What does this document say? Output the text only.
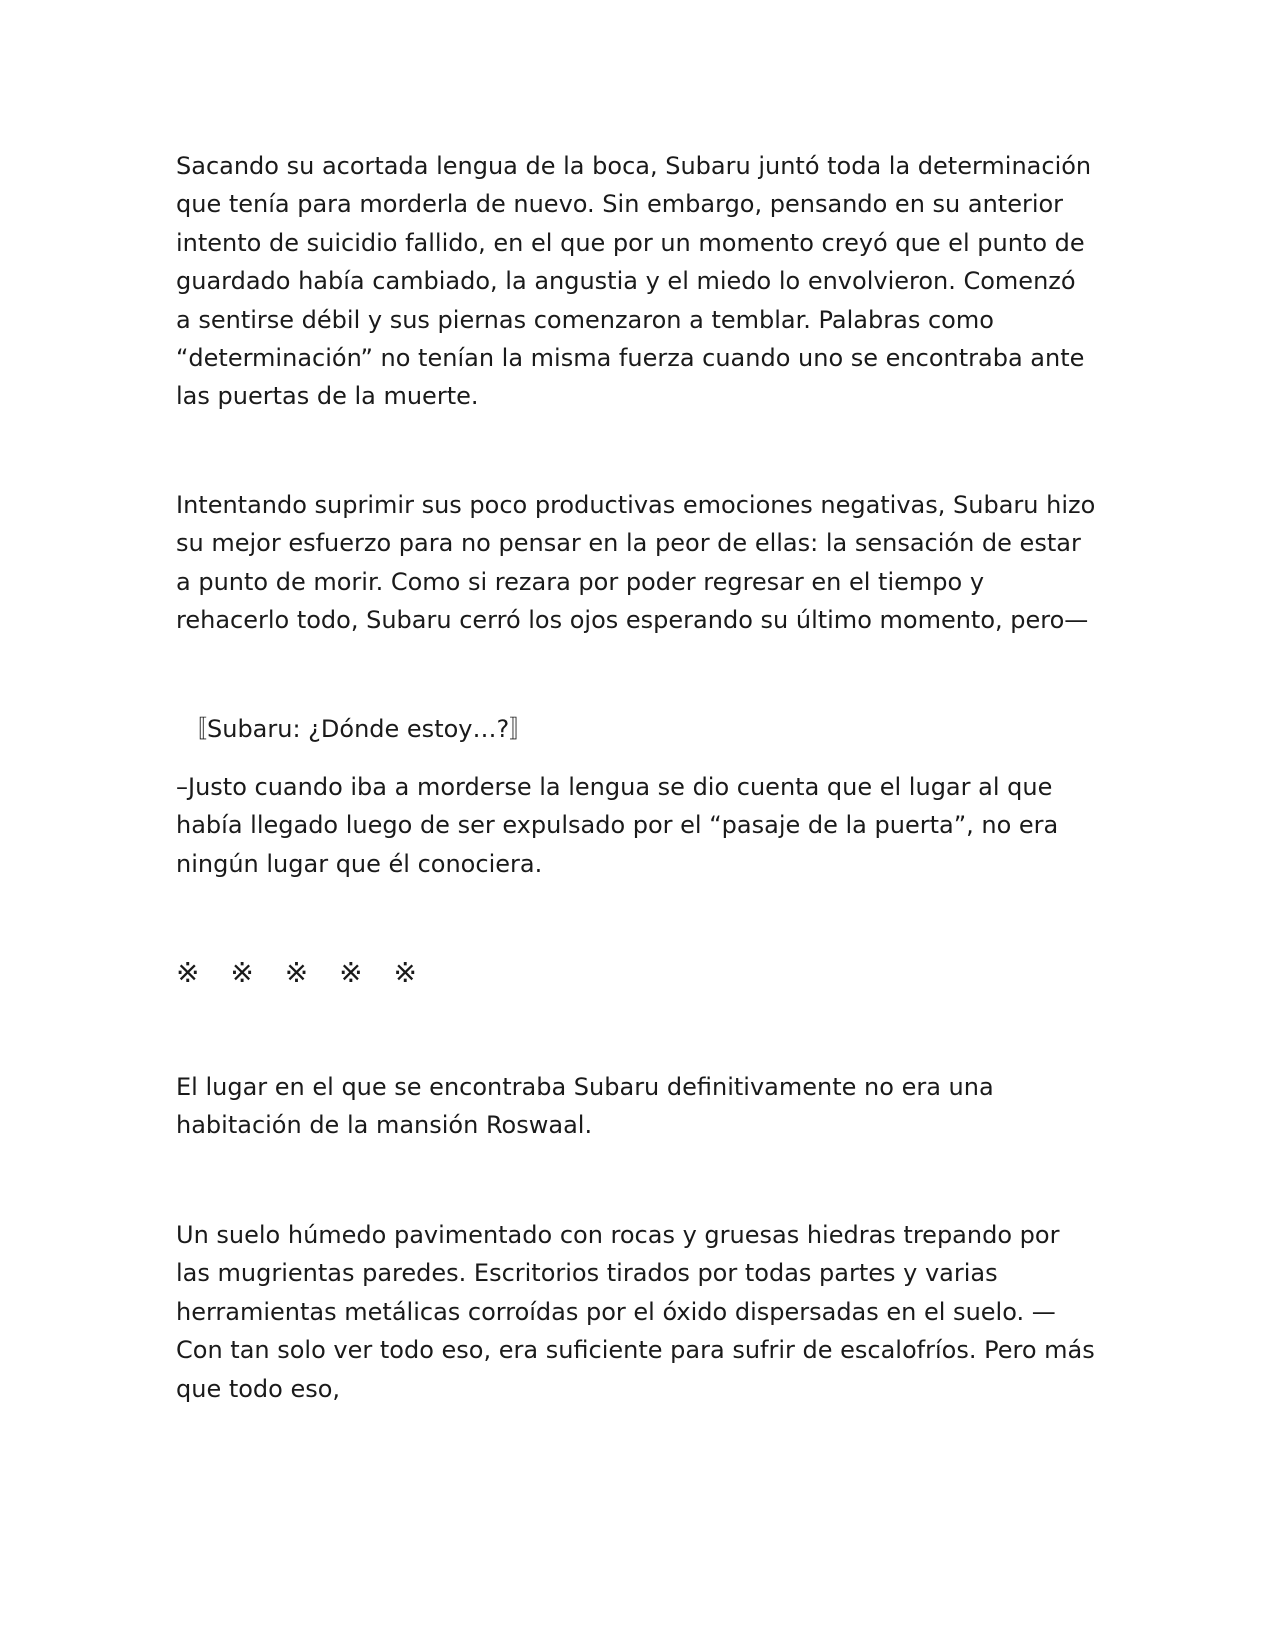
Sacando su acortada lengua de la boca, Subaru juntó toda la determinación que tenía para morderla de nuevo. Sin embargo, pensando en su anterior intento de suicidio fallido, en el que por un momento creyó que el punto de guardado había cambiado, la angustia y el miedo lo envolvieron. Comenzó a sentirse débil y sus piernas comenzaron a temblar. Palabras como “determinación” no tenían la misma fuerza cuando uno se encontraba ante las puertas de la muerte.

Intentando suprimir sus poco productivas emociones negativas, Subaru hizo su mejor esfuerzo para no pensar en la peor de ellas: la sensación de estar a punto de morir. Como si rezara por poder regresar en el tiempo y rehacerlo todo, Subaru cerró los ojos esperando su último momento, pero—

〚Subaru: ¿Dónde estoy…?〛

–Justo cuando iba a morderse la lengua se dio cuenta que el lugar al que había llegado luego de ser expulsado por el “pasaje de la puerta”, no era ningún lugar que él conociera.

※ ※ ※ ※ ※

El lugar en el que se encontraba Subaru definitivamente no era una habitación de la mansión Roswaal.

Un suelo húmedo pavimentado con rocas y gruesas hiedras trepando por las mugrientas paredes. Escritorios tirados por todas partes y varias herramientas metálicas corroídas por el óxido dispersadas en el suelo. —Con tan solo ver todo eso, era suficiente para sufrir de escalofríos. Pero más que todo eso,
